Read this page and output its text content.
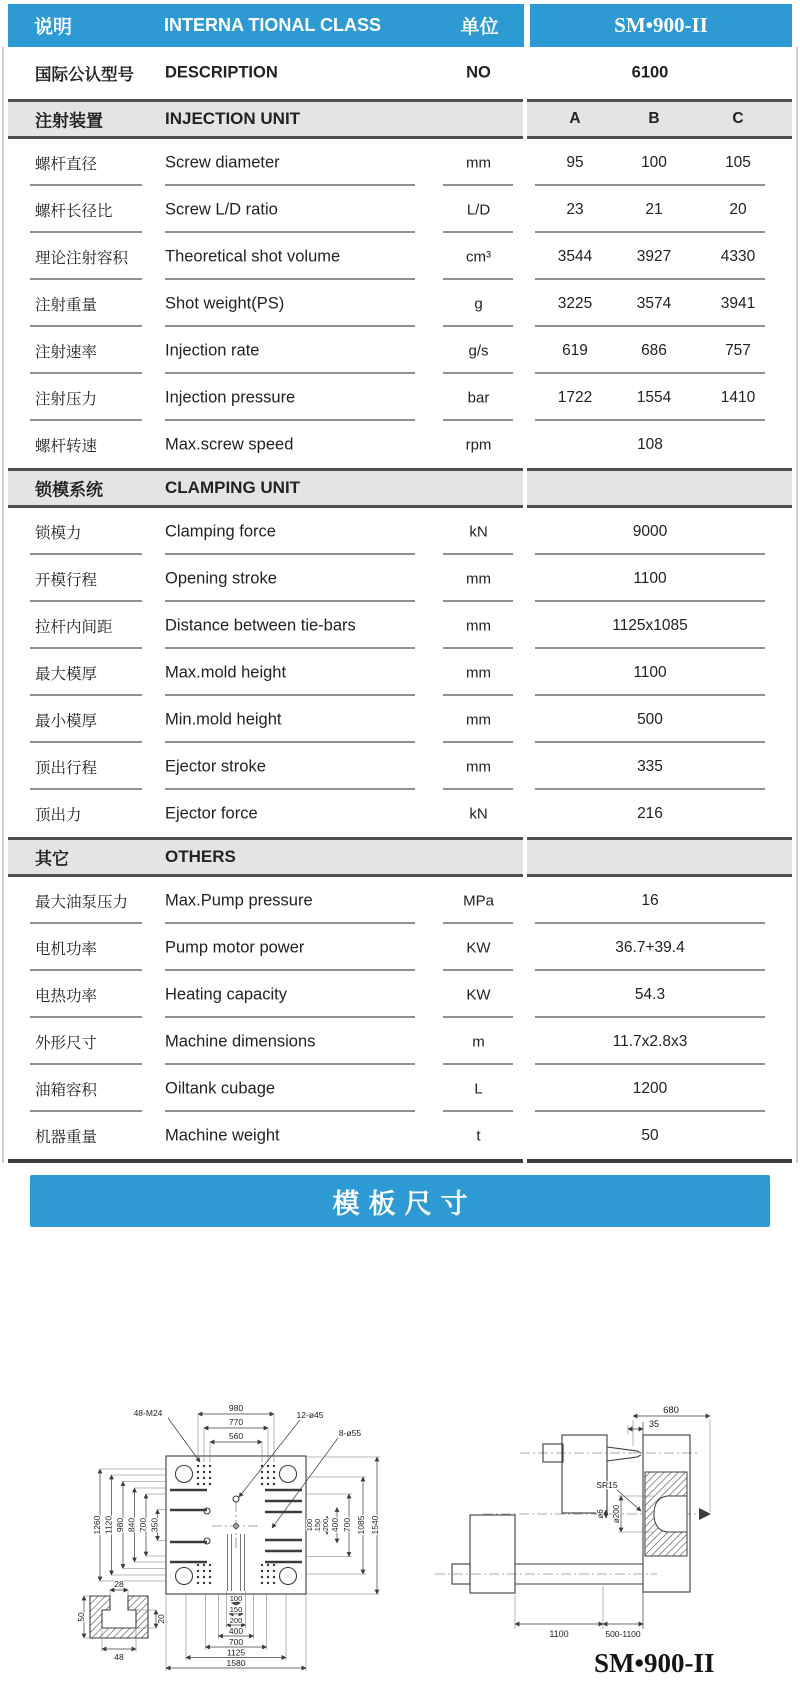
说明	INTERNA TIONAL CLASS	单位	SM•900-II
国际公认型号 DESCRIPTION	NO	6100
注射装置	INJECTION UNIT	A	B	C
螺杆直径	Screw diameter	mm	95	100	105
螺杆长径比	Screw L/D ratio	L/D	23	21	20
理论注射容积 Theoretical shot volume	cm³	3544	3927	4330
注射重量	Shot weight(PS)	g	3225	3574	3941
注射速率	Injection rate	g/s	619	686	757
注射压力	Injection pressure	bar	1722	1554	1410
螺杆转速	Max.screw speed	rpm	108
锁模系统	CLAMPING UNIT
锁模力	Clamping force	kN	9000
开模行程	Opening stroke	mm	1100
拉杆内间距	Distance between tie-bars	mm	1125x1085
最大模厚	Max.mold height	mm	1100
最小模厚	Min.mold height	mm	500
顶出行程	Ejector stroke	mm	335
顶出力	Ejector force	kN	216
其它	OTHERS
最大油泵压力 Max.Pump pressure	MPa	16
电机功率	Pump motor power	KW	36.7+39.4
电热功率	Heating capacity	KW	54.3
外形尺寸	Machine dimensions	m	11.7x2.8x3
油箱容积	Oiltank cubage	L	1200
机器重量	Machine weight	t	50
模板尺寸
980
770
560
48-M24	12-ø45
8-ø55
1260 1120 980 840 700 350	100 150 200 400 700 1085 1540
100
150
200
400
700
1125
1580
28
50	20
48
SR15
ø200
ø6
680
35
1100	500-1100
SM•900-II
